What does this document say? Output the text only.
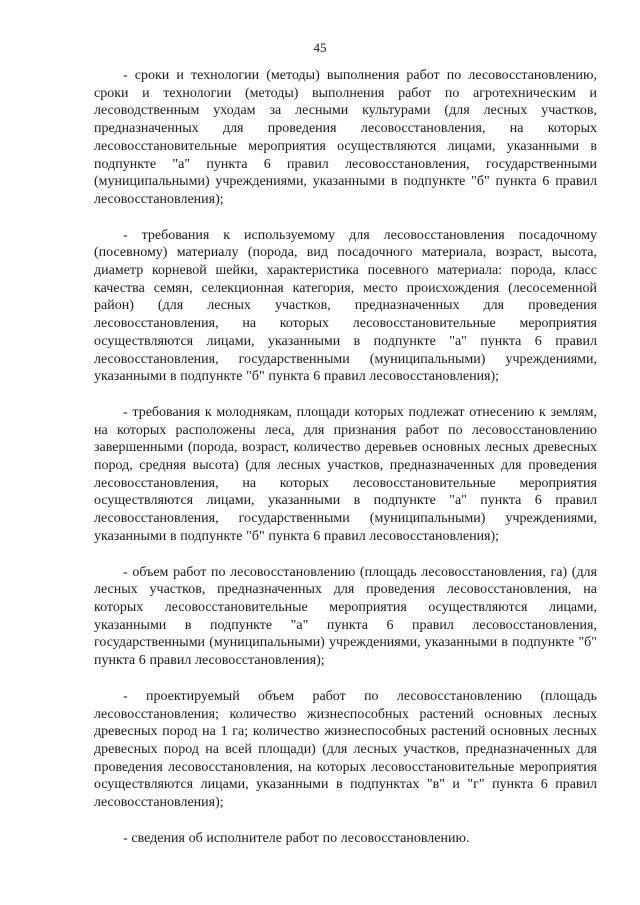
45

- сроки и технологии (методы) выполнения работ по лесовосстановлению, сроки и технологии (методы) выполнения работ по агротехническим и лесоводственным уходам за лесными культурами (для лесных участков, предназначенных для проведения лесовосстановления, на которых лесовосстановительные мероприятия осуществляются лицами, указанными в подпункте "а" пункта 6 правил лесовосстановления, государственными (муниципальными) учреждениями, указанными в подпункте "б" пункта 6 правил лесовосстановления);

- требования к используемому для лесовосстановления посадочному (посевному) материалу (порода, вид посадочного материала, возраст, высота, диаметр корневой шейки, характеристика посевного материала: порода, класс качества семян, селекционная категория, место происхождения (лесосеменной район) (для лесных участков, предназначенных для проведения лесовосстановления, на которых лесовосстановительные мероприятия осуществляются лицами, указанными в подпункте "а" пункта 6 правил лесовосстановления, государственными (муниципальными) учреждениями, указанными в подпункте "б" пункта 6 правил лесовосстановления);

- требования к молоднякам, площади которых подлежат отнесению к землям, на которых расположены леса, для признания работ по лесовосстановлению завершенными (порода, возраст, количество деревьев основных лесных древесных пород, средняя высота) (для лесных участков, предназначенных для проведения лесовосстановления, на которых лесовосстановительные мероприятия осуществляются лицами, указанными в подпункте "а" пункта 6 правил лесовосстановления, государственными (муниципальными) учреждениями, указанными в подпункте "б" пункта 6 правил лесовосстановления);

- объем работ по лесовосстановлению (площадь лесовосстановления, га) (для лесных участков, предназначенных для проведения лесовосстановления, на которых лесовосстановительные мероприятия осуществляются лицами, указанными в подпункте "а" пункта 6 правил лесовосстановления, государственными (муниципальными) учреждениями, указанными в подпункте "б" пункта 6 правил лесовосстановления);

- проектируемый объем работ по лесовосстановлению (площадь лесовосстановления; количество жизнеспособных растений основных лесных древесных пород на 1 га; количество жизнеспособных растений основных лесных древесных пород на всей площади) (для лесных участков, предназначенных для проведения лесовосстановления, на которых лесовосстановительные мероприятия осуществляются лицами, указанными в подпунктах "в" и "г" пункта 6 правил лесовосстановления);

- сведения об исполнителе работ по лесовосстановлению.
